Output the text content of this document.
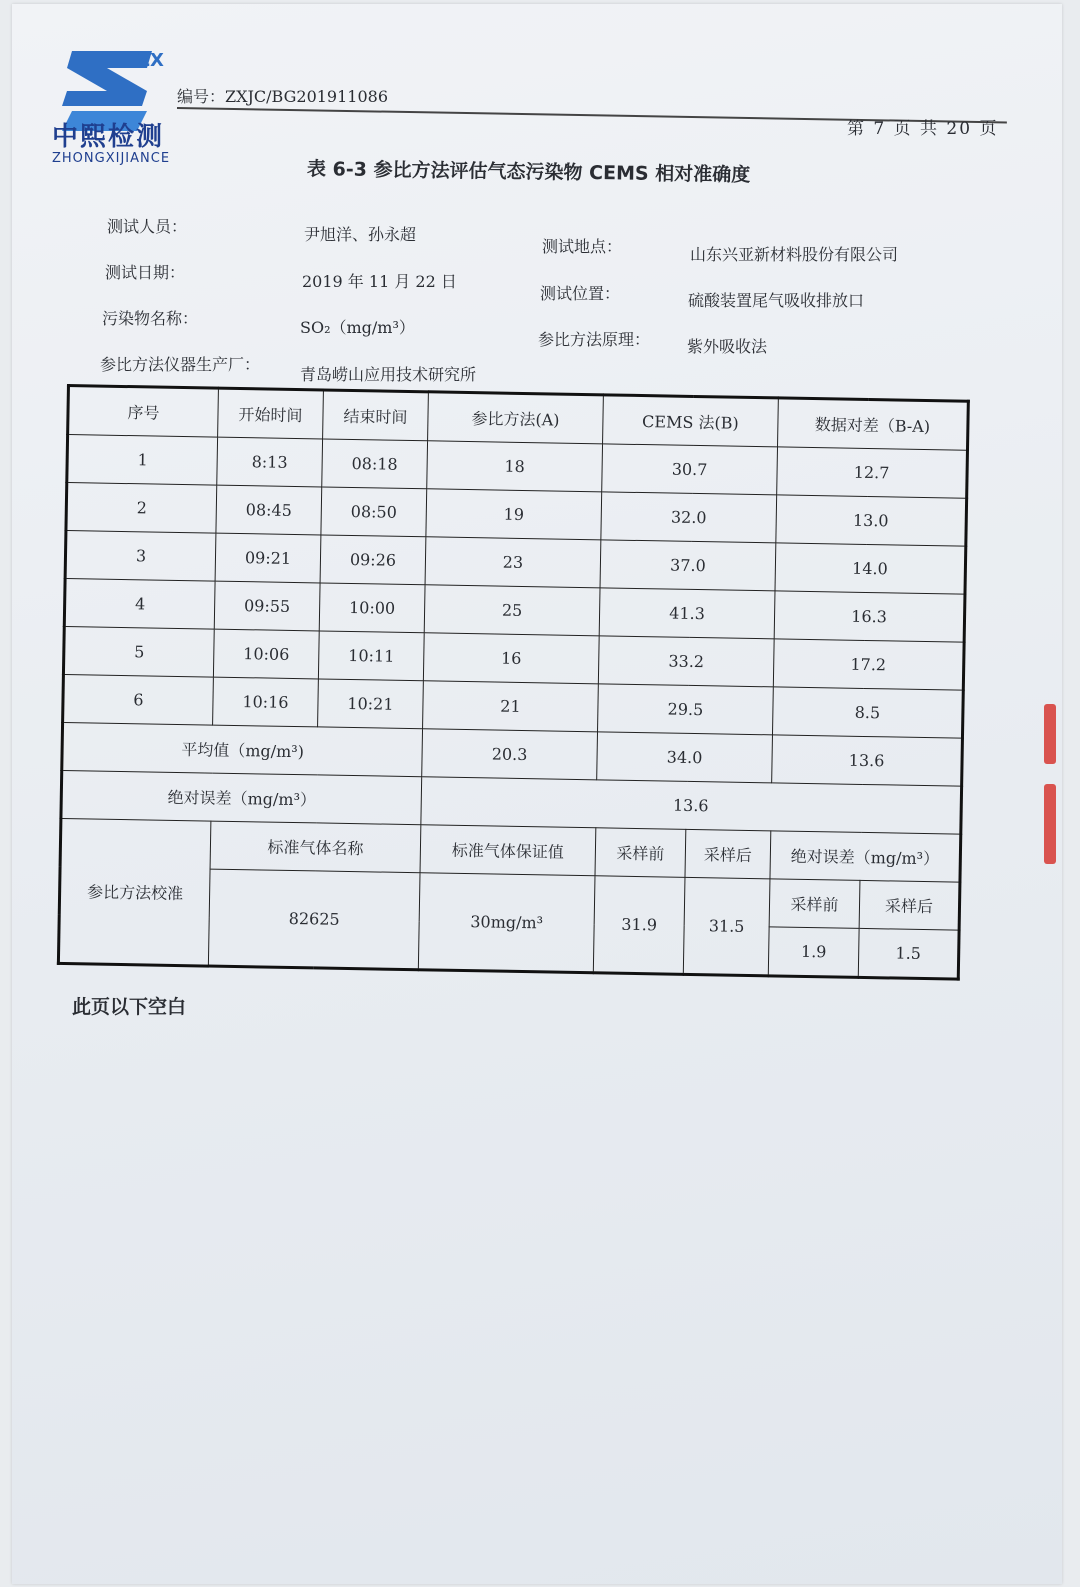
ZX
中熙检测
ZHONGXIJIANCE
编号：ZXJC/BG201911086
第 7 页 共 20 页
表 6-3 参比方法评估气态污染物 CEMS 相对准确度
测试人员：	尹旭洋、孙永超
测试地点：	山东兴亚新材料股份有限公司
测试日期：	2019 年 11 月 22 日
测试位置：	硫酸装置尾气吸收排放口
污染物名称：	SO₂（mg/m³）
参比方法原理： 紫外吸收法
参比方法仪器生产厂：
青岛崂山应用技术研究所
序号	开始时间	结束时间	参比方法(A)	CEMS 法(B)		数据对差（B-A)	
1	8:13	08:18	18	30.7		12.7	
2	08:45	08:50	19	32.0		13.0	
3	09:21	09:26	23	37.0		14.0	
4	09:55	10:00	25	41.3		16.3	
5	10:06	10:11	16	33.2		17.2	
6	10:16	10:21	21	29.5		8.5	
平均值（mg/m³)			20.3	34.0		13.6	
绝对误差（mg/m³）			13.6				
参比方法校准	标准气体名称		标准气体保证值	采样前	采样后	绝对误差（mg/m³）	
	82625		30mg/m³	31.9	31.5	采样前	采样后
						1.9	1.5
此页以下空白
